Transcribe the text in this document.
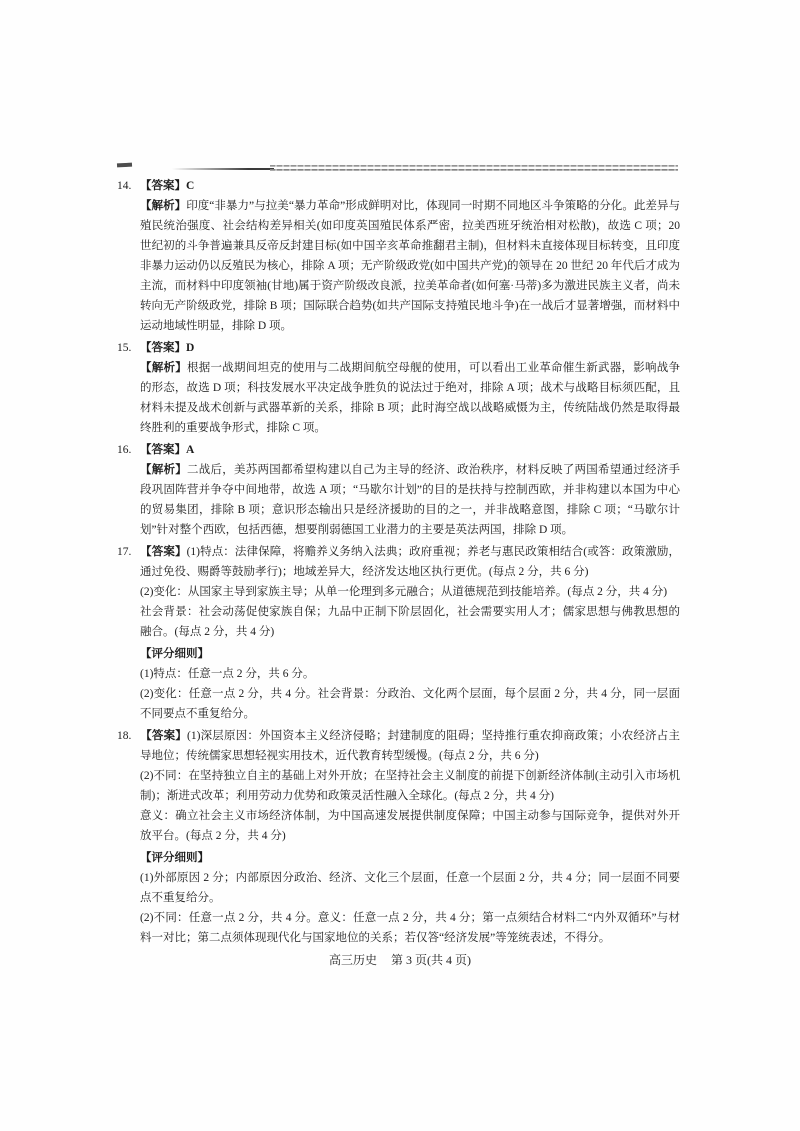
14. 【答案】C

【解析】印度“非暴力”与拉美“暴力革命”形成鲜明对比，体现同一时期不同地区斗争策略的分化。此差异与殖民统治强度、社会结构差异相关(如印度英国殖民体系严密，拉美西班牙统治相对松散)，故选 C 项；20 世纪初的斗争普遍兼具反帝反封建目标(如中国辛亥革命推翻君主制)，但材料未直接体现目标转变，且印度非暴力运动仍以反殖民为核心，排除 A 项；无产阶级政党(如中国共产党)的领导在 20 世纪 20 年代后才成为主流，而材料中印度领袖(甘地)属于资产阶级改良派，拉美革命者(如何塞·马蒂)多为激进民族主义者，尚未转向无产阶级政党，排除 B 项；国际联合趋势(如共产国际支持殖民地斗争)在一战后才显著增强，而材料中运动地域性明显，排除 D 项。

15. 【答案】D

【解析】根据一战期间坦克的使用与二战期间航空母舰的使用，可以看出工业革命催生新武器，影响战争的形态，故选 D 项；科技发展水平决定战争胜负的说法过于绝对，排除 A 项；战术与战略目标须匹配，且材料未提及战术创新与武器革新的关系，排除 B 项；此时海空战以战略威慑为主，传统陆战仍然是取得最终胜利的重要战争形式，排除 C 项。

16. 【答案】A

【解析】二战后，美苏两国都希望构建以自己为主导的经济、政治秩序，材料反映了两国希望通过经济手段巩固阵营并争夺中间地带，故选 A 项；“马歇尔计划”的目的是扶持与控制西欧，并非构建以本国为中心的贸易集团，排除 B 项；意识形态输出只是经济援助的目的之一，并非战略意图，排除 C 项；“马歇尔计划”针对整个西欧，包括西德，想要削弱德国工业潜力的主要是英法两国，排除 D 项。

17. 【答案】(1)特点：法律保障，将赡养义务纳入法典；政府重视；养老与惠民政策相结合(或答：政策激励，通过免役、赐爵等鼓励孝行)；地域差异大，经济发达地区执行更优。(每点 2 分，共 6 分)

(2)变化：从国家主导到家族主导；从单一伦理到多元融合；从道德规范到技能培养。(每点 2 分，共 4 分)

社会背景：社会动荡促使家族自保；九品中正制下阶层固化，社会需要实用人才；儒家思想与佛教思想的融合。(每点 2 分，共 4 分)

【评分细则】

(1)特点：任意一点 2 分，共 6 分。

(2)变化：任意一点 2 分，共 4 分。社会背景：分政治、文化两个层面，每个层面 2 分，共 4 分，同一层面不同要点不重复给分。

18. 【答案】(1)深层原因：外国资本主义经济侵略；封建制度的阻碍；坚持推行重农抑商政策；小农经济占主导地位；传统儒家思想轻视实用技术，近代教育转型缓慢。(每点 2 分，共 6 分)

(2)不同：在坚持独立自主的基础上对外开放；在坚持社会主义制度的前提下创新经济体制(主动引入市场机制)；渐进式改革；利用劳动力优势和政策灵活性融入全球化。(每点 2 分，共 4 分)

意义：确立社会主义市场经济体制，为中国高速发展提供制度保障；中国主动参与国际竞争，提供对外开放平台。(每点 2 分，共 4 分)

【评分细则】

(1)外部原因 2 分；内部原因分政治、经济、文化三个层面，任意一个层面 2 分，共 4 分；同一层面不同要点不重复给分。

(2)不同：任意一点 2 分，共 4 分。意义：任意一点 2 分，共 4 分；第一点须结合材料二“内外双循环”与材料一对比；第二点须体现现代化与国家地位的关系；若仅答“经济发展”等笼统表述，不得分。

高三历史 第 3 页(共 4 页)
